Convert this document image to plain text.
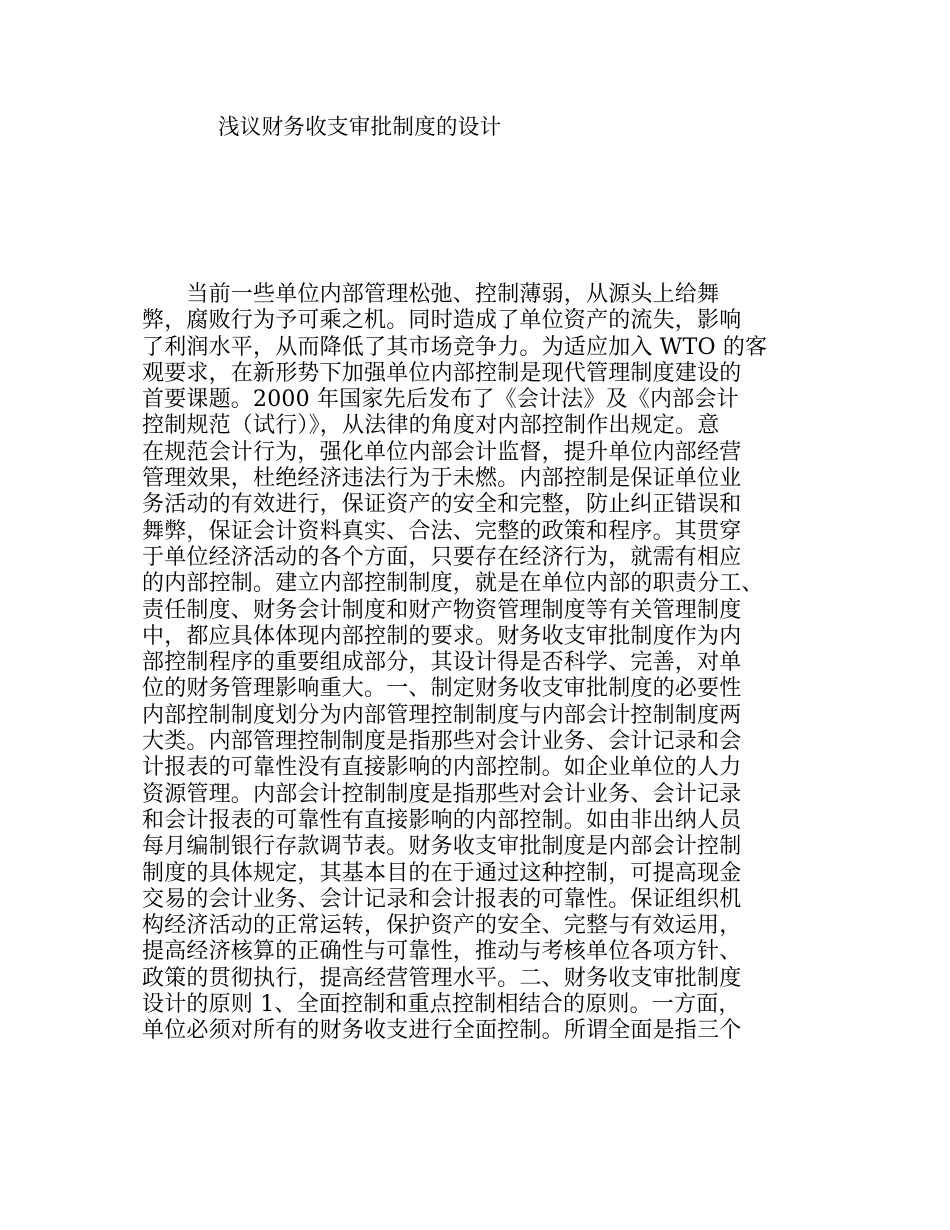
浅议财务收支审批制度的设计
　　当前一些单位内部管理松弛、控制薄弱，从源头上给舞
弊，腐败行为予可乘之机。同时造成了单位资产的流失，影响
了利润水平，从而降低了其市场竞争力。为适应加入 WTO 的客
观要求，在新形势下加强单位内部控制是现代管理制度建设的
首要课题。2000 年国家先后发布了《会计法》及《内部会计
控制规范（试行）》，从法律的角度对内部控制作出规定。意
在规范会计行为，强化单位内部会计监督，提升单位内部经营
管理效果，杜绝经济违法行为于未燃。内部控制是保证单位业
务活动的有效进行，保证资产的安全和完整，防止纠正错误和
舞弊，保证会计资料真实、合法、完整的政策和程序。其贯穿
于单位经济活动的各个方面，只要存在经济行为，就需有相应
的内部控制。建立内部控制制度，就是在单位内部的职责分工、
责任制度、财务会计制度和财产物资管理制度等有关管理制度
中，都应具体体现内部控制的要求。财务收支审批制度作为内
部控制程序的重要组成部分，其设计得是否科学、完善，对单
位的财务管理影响重大。一、制定财务收支审批制度的必要性
内部控制制度划分为内部管理控制制度与内部会计控制制度两
大类。内部管理控制制度是指那些对会计业务、会计记录和会
计报表的可靠性没有直接影响的内部控制。如企业单位的人力
资源管理。内部会计控制制度是指那些对会计业务、会计记录
和会计报表的可靠性有直接影响的内部控制。如由非出纳人员
每月编制银行存款调节表。财务收支审批制度是内部会计控制
制度的具体规定，其基本目的在于通过这种控制，可提高现金
交易的会计业务、会计记录和会计报表的可靠性。保证组织机
构经济活动的正常运转，保护资产的安全、完整与有效运用，
提高经济核算的正确性与可靠性，推动与考核单位各项方针、
政策的贯彻执行，提高经营管理水平。二、财务收支审批制度
设计的原则 1、全面控制和重点控制相结合的原则。一方面，
单位必须对所有的财务收支进行全面控制。所谓全面是指三个
